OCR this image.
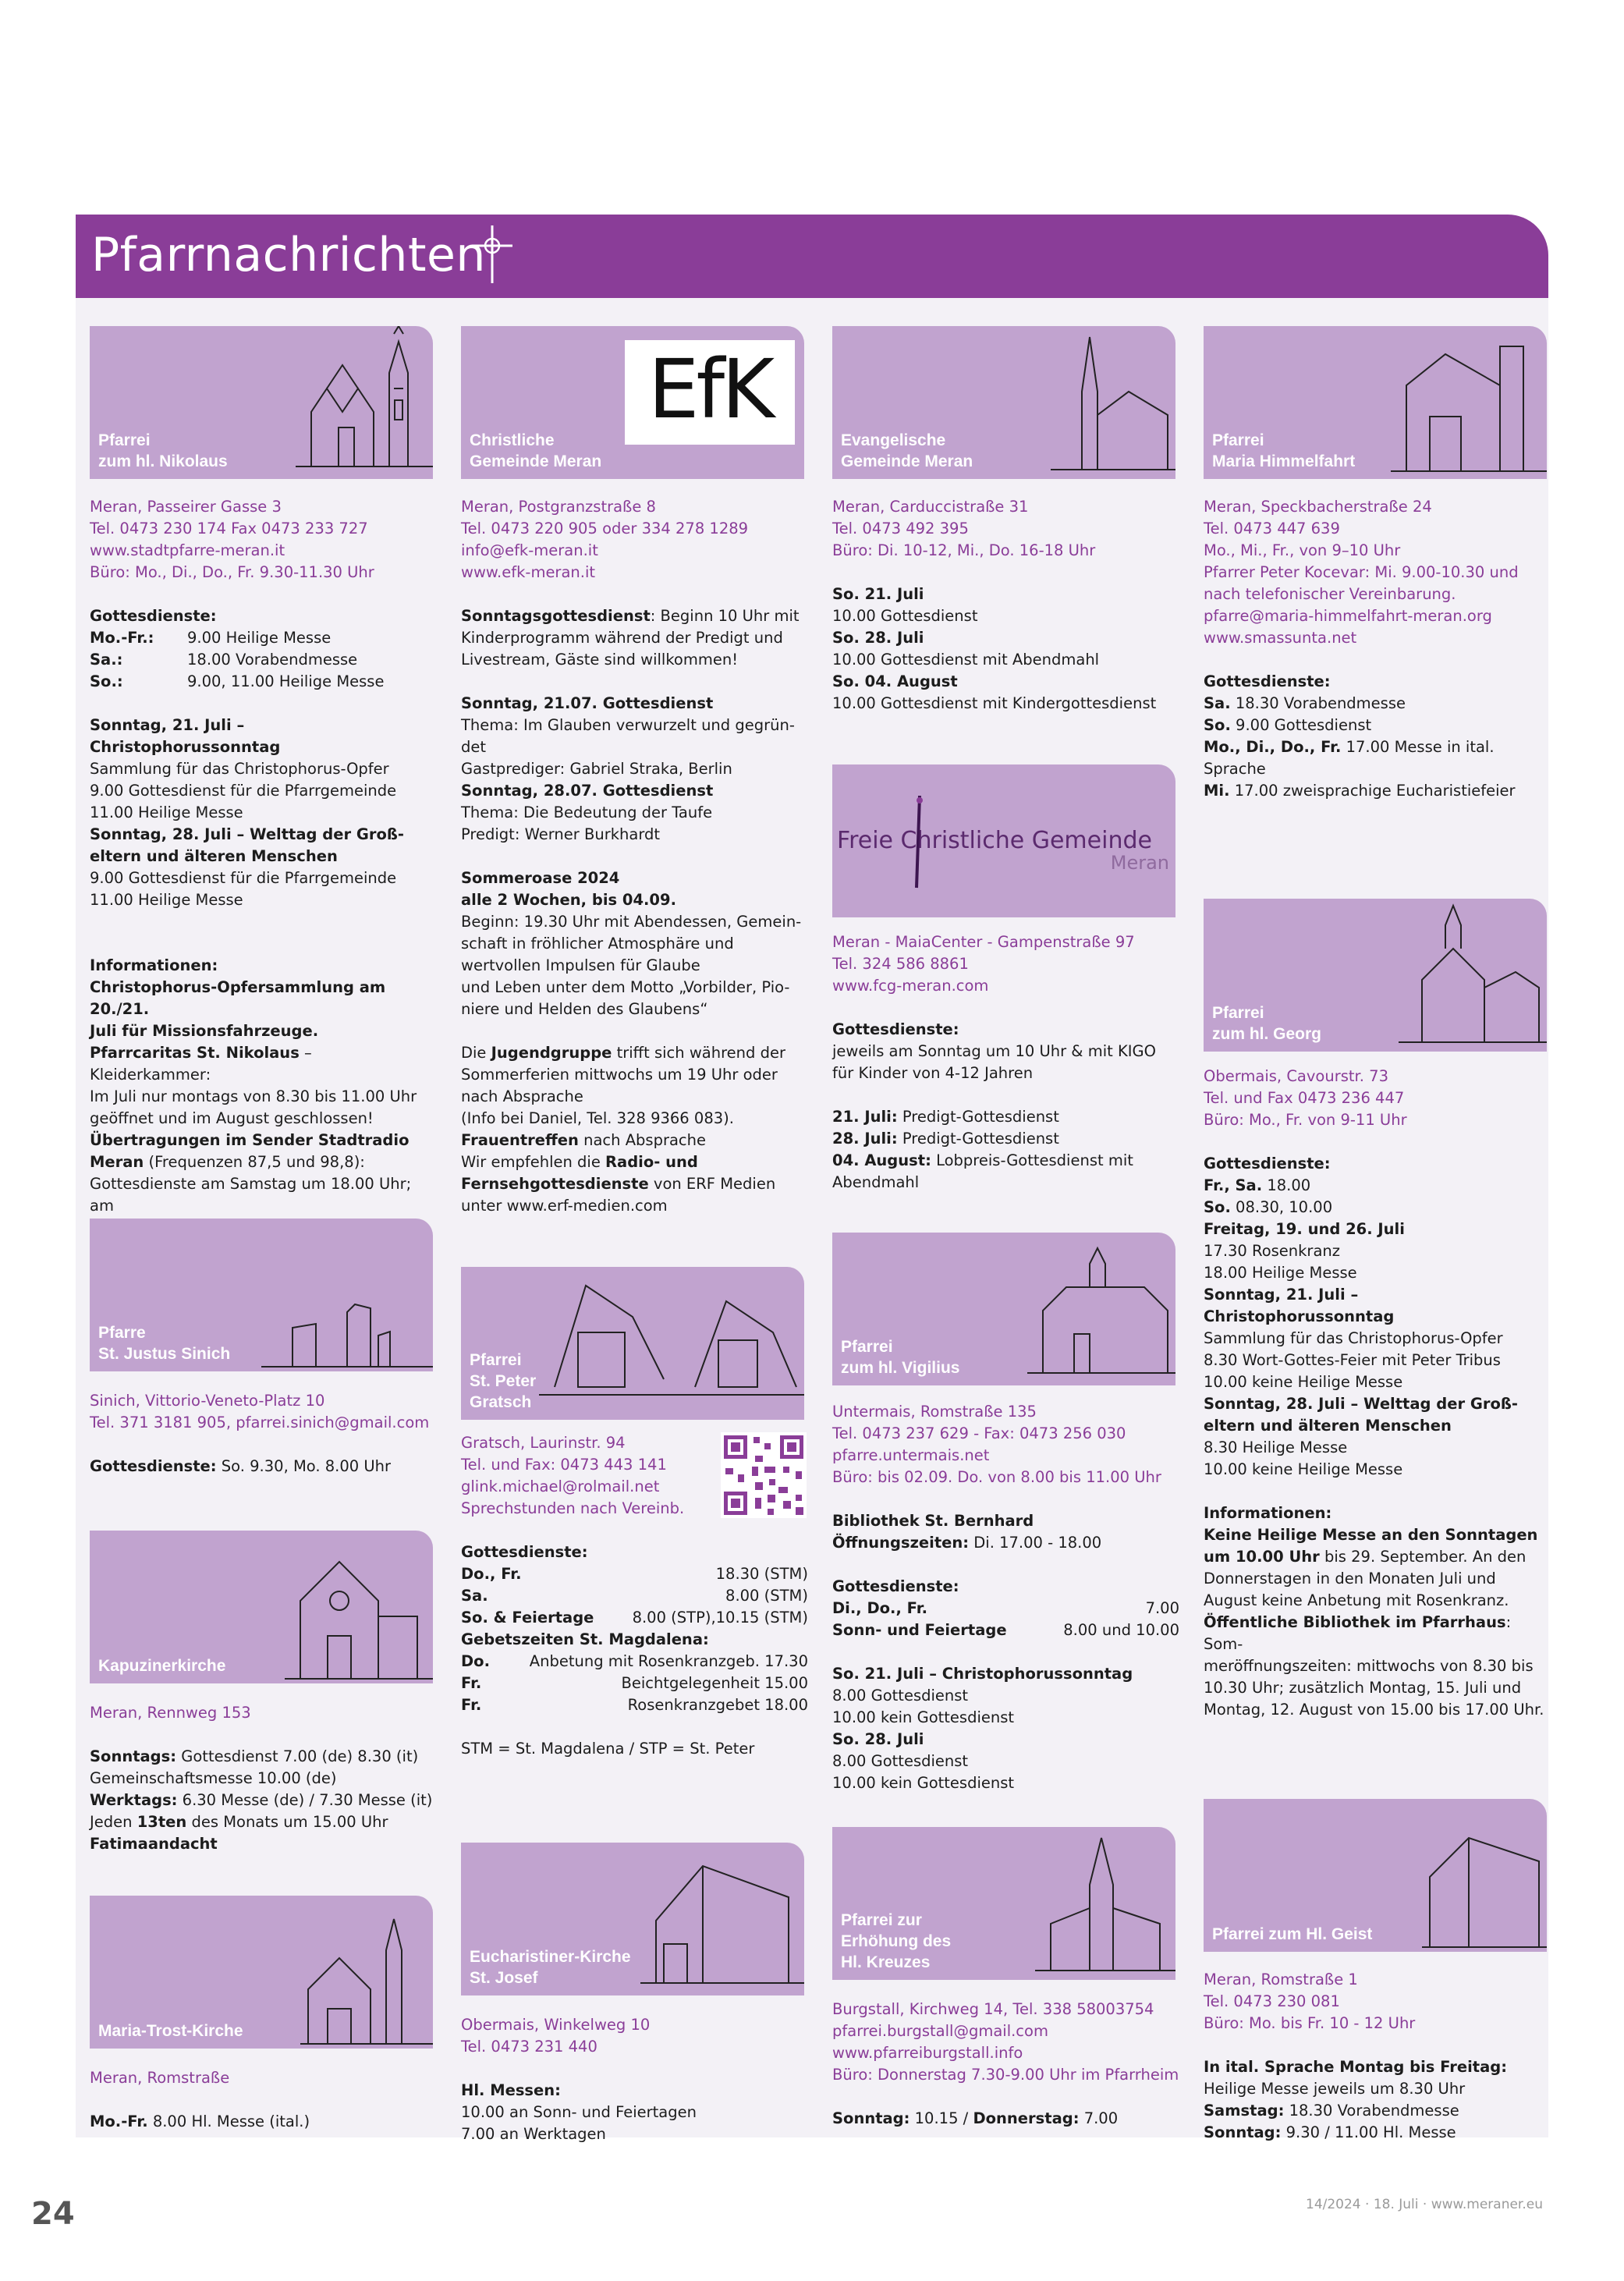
Pfarrnachrichten
Pfarrei
zum hl. Nikolaus
Meran, Passeirer Gasse 3
Tel. 0473 230 174 Fax 0473 233 727
www.stadtpfarre-meran.it
Büro: Mo., Di., Do., Fr. 9.30-11.30 Uhr
Gottesdienste:
Mo.-Fr.:	9.00 Heilige Messe
Sa.:	18.00 Vorabendmesse
So.:	9.00, 11.00 Heilige Messe
Sonntag, 21. Juli – Christophorussonntag
Sammlung für das Christophorus-Opfer
9.00 Gottesdienst für die Pfarrgemeinde
11.00 Heilige Messe
Sonntag, 28. Juli – Welttag der Groß-
eltern und älteren Menschen
9.00 Gottesdienst für die Pfarrgemeinde
11.00 Heilige Messe
Informationen:
Christophorus-Opfersammlung am 20./21.
Juli für Missionsfahrzeuge.
Pfarrcaritas St. Nikolaus – Kleiderkammer:
Im Juli nur montags von 8.30 bis 11.00 Uhr
geöffnet und im August geschlossen!
Übertragungen im Sender Stadtradio
Meran (Frequenzen 87,5 und 98,8):
Gottesdienste am Samstag um 18.00 Uhr; am
Pfarre
St. Justus Sinich
Sinich, Vittorio-Veneto-Platz 10
Tel. 371 3181 905, pfarrei.sinich@gmail.com
Gottesdienste: So. 9.30, Mo. 8.00 Uhr
Kapuzinerkirche
Meran, Rennweg 153
Sonntags: Gottesdienst 7.00 (de) 8.30 (it)
Gemeinschaftsmesse 10.00 (de)
Werktags: 6.30 Messe (de) / 7.30 Messe (it)
Jeden 13ten des Monats um 15.00 Uhr
Fatimaandacht
Maria-Trost-Kirche
Meran, Romstraße
Mo.-Fr. 8.00 Hl. Messe (ital.)
EfK
Christliche
Gemeinde Meran
Meran, Postgranzstraße 8
Tel. 0473 220 905 oder 334 278 1289
info@efk-meran.it
www.efk-meran.it
Sonntagsgottesdienst: Beginn 10 Uhr mit
Kinderprogramm während der Predigt und
Livestream, Gäste sind willkommen!
Sonntag, 21.07. Gottesdienst
Thema: Im Glauben verwurzelt und gegrün-
det
Gastprediger: Gabriel Straka, Berlin
Sonntag, 28.07. Gottesdienst
Thema: Die Bedeutung der Taufe
Predigt: Werner Burkhardt
Sommeroase 2024
alle 2 Wochen, bis 04.09.
Beginn: 19.30 Uhr mit Abendessen, Gemein-
schaft in fröhlicher Atmosphäre und
wertvollen Impulsen für Glaube
und Leben unter dem Motto „Vorbilder, Pio-
niere und Helden des Glaubens“
Die Jugendgruppe trifft sich während der
Sommerferien mittwochs um 19 Uhr oder
nach Absprache
(Info bei Daniel, Tel. 328 9366 083).
Frauentreffen nach Absprache
Wir empfehlen die Radio- und
Fernsehgottesdienste von ERF Medien
unter www.erf-medien.com
Pfarrei
St. Peter
Gratsch
Gratsch, Laurinstr. 94
Tel. und Fax: 0473 443 141
glink.michael@rolmail.net
Sprechstunden nach Vereinb.
Gottesdienste:
Do., Fr.	18.30 (STM)
Sa.	8.00 (STM)
So. & Feiertage	8.00 (STP),10.15 (STM)
Gebetszeiten St. Magdalena:
Do.	Anbetung mit Rosenkranzgeb. 17.30
Fr.	Beichtgelegenheit 15.00
Fr.	Rosenkranzgebet 18.00
STM = St. Magdalena / STP = St. Peter
Eucharistiner-Kirche
St. Josef
Obermais, Winkelweg 10
Tel. 0473 231 440
Hl. Messen:
10.00 an Sonn- und Feiertagen
7.00 an Werktagen
Evangelische
Gemeinde Meran
Meran, Carduccistraße 31
Tel. 0473 492 395
Büro: Di. 10-12, Mi., Do. 16-18 Uhr
So. 21. Juli
10.00 Gottesdienst
So. 28. Juli
10.00 Gottesdienst mit Abendmahl
So. 04. August
10.00 Gottesdienst mit Kindergottesdienst
Freie Christliche Gemeinde
Meran
Meran - MaiaCenter - Gampenstraße 97
Tel. 324 586 8861
www.fcg-meran.com
Gottesdienste:
jeweils am Sonntag um 10 Uhr & mit KIGO
für Kinder von 4-12 Jahren
21. Juli: Predigt-Gottesdienst
28. Juli: Predigt-Gottesdienst
04. August: Lobpreis-Gottesdienst mit
Abendmahl
Pfarrei
zum hl. Vigilius
Untermais, Romstraße 135
Tel. 0473 237 629 - Fax: 0473 256 030
pfarre.untermais.net
Büro: bis 02.09. Do. von 8.00 bis 11.00 Uhr
Bibliothek St. Bernhard
Öffnungszeiten: Di. 17.00 - 18.00
Gottesdienste:
Di., Do., Fr.	7.00
Sonn- und Feiertage	8.00 und 10.00
So. 21. Juli – Christophorussonntag
8.00 Gottesdienst
10.00 kein Gottesdienst
So. 28. Juli
8.00 Gottesdienst
10.00 kein Gottesdienst
Pfarrei zur
Erhöhung des
Hl. Kreuzes
Burgstall, Kirchweg 14, Tel. 338 58003754
pfarrei.burgstall@gmail.com
www.pfarreiburgstall.info
Büro: Donnerstag 7.30-9.00 Uhr im Pfarrheim
Sonntag: 10.15 / Donnerstag: 7.00
Pfarrei
Maria Himmelfahrt
Meran, Speckbacherstraße 24
Tel. 0473 447 639
Mo., Mi., Fr., von 9–10 Uhr
Pfarrer Peter Kocevar: Mi. 9.00-10.30 und
nach telefonischer Vereinbarung.
pfarre@maria-himmelfahrt-meran.org
www.smassunta.net
Gottesdienste:
Sa. 18.30 Vorabendmesse
So. 9.00 Gottesdienst
Mo., Di., Do., Fr. 17.00 Messe in ital. Sprache
Mi. 17.00 zweisprachige Eucharistiefeier
Pfarrei
zum hl. Georg
Obermais, Cavourstr. 73
Tel. und Fax 0473 236 447
Büro: Mo., Fr. von 9-11 Uhr
Gottesdienste:
Fr., Sa. 18.00
So. 08.30, 10.00
Freitag, 19. und 26. Juli
17.30 Rosenkranz
18.00 Heilige Messe
Sonntag, 21. Juli – Christophorussonntag
Sammlung für das Christophorus-Opfer
8.30 Wort-Gottes-Feier mit Peter Tribus
10.00 keine Heilige Messe
Sonntag, 28. Juli – Welttag der Groß-
eltern und älteren Menschen
8.30 Heilige Messe
10.00 keine Heilige Messe
Informationen:
Keine Heilige Messe an den Sonntagen
um 10.00 Uhr bis 29. September. An den
Donnerstagen in den Monaten Juli und
August keine Anbetung mit Rosenkranz.
Öffentliche Bibliothek im Pfarrhaus: Som-
meröffnungszeiten: mittwochs von 8.30 bis
10.30 Uhr; zusätzlich Montag, 15. Juli und
Montag, 12. August von 15.00 bis 17.00 Uhr.
Pfarrei zum Hl. Geist
Meran, Romstraße 1
Tel. 0473 230 081
Büro: Mo. bis Fr. 10 - 12 Uhr
In ital. Sprache Montag bis Freitag:
Heilige Messe jeweils um 8.30 Uhr
Samstag: 18.30 Vorabendmesse
Sonntag: 9.30 / 11.00 Hl. Messe
24	14/2024 · 18. Juli · www.meraner.eu
